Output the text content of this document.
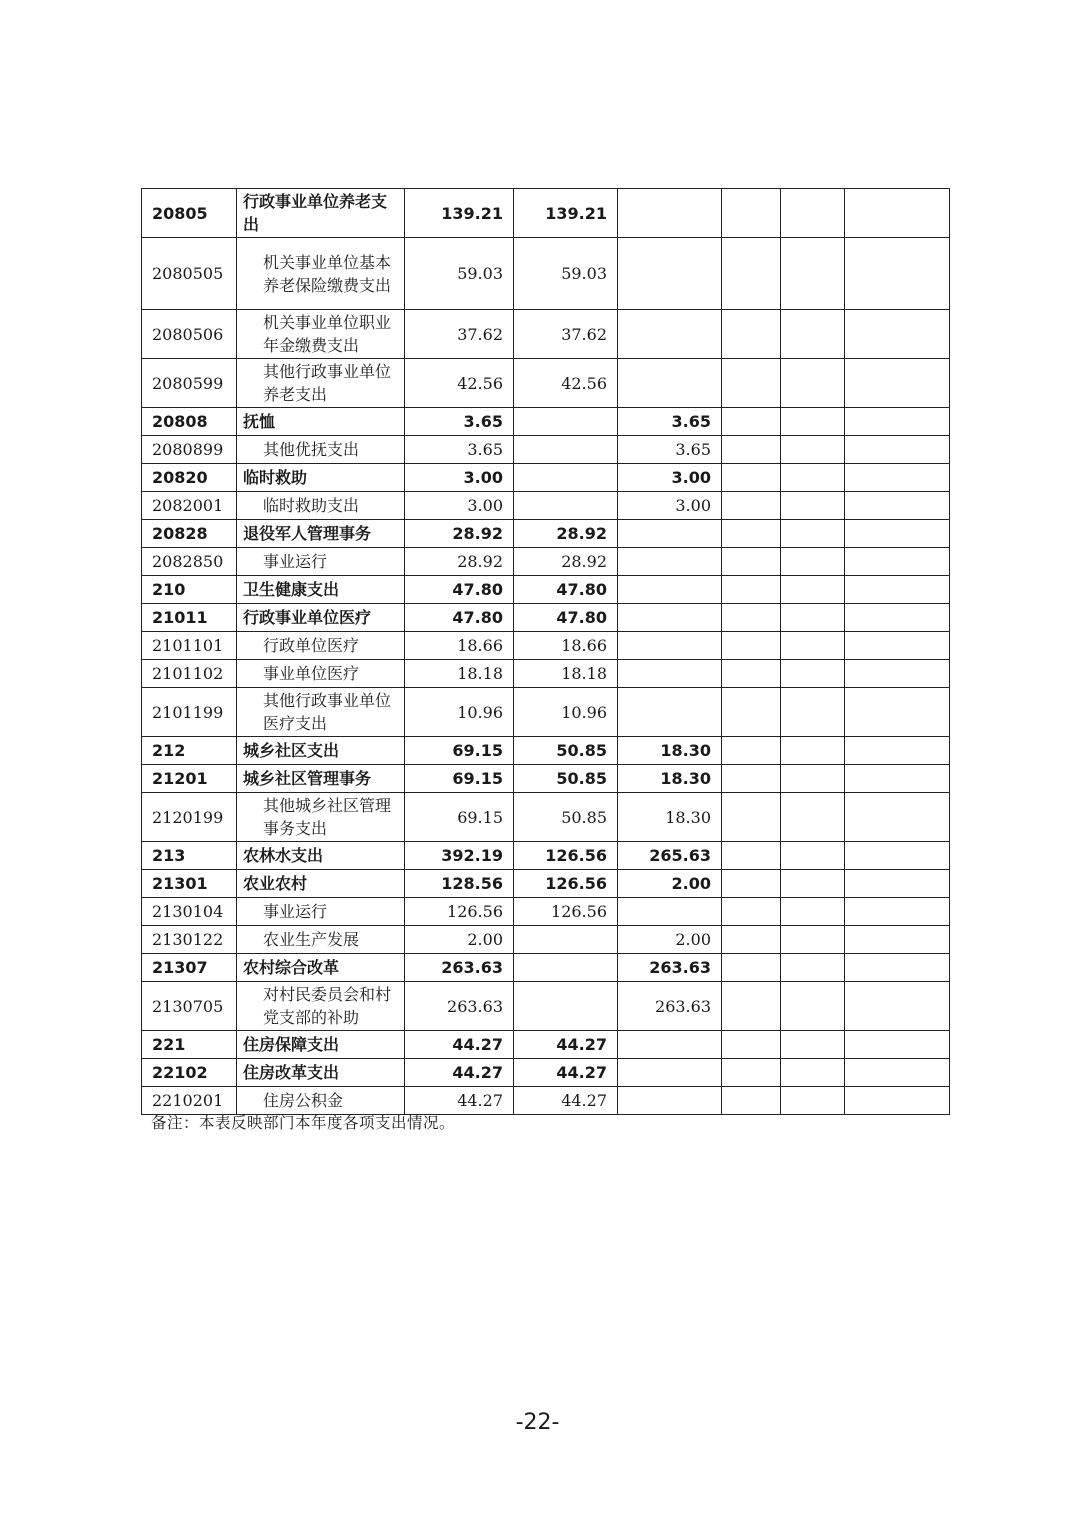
20805	行政事业单位养老支出	139.21	139.21				
2080505	机关事业单位基本养老保险缴费支出	59.03	59.03				
2080506	机关事业单位职业年金缴费支出	37.62	37.62				
2080599	其他行政事业单位养老支出	42.56	42.56				
20808	抚恤	3.65		3.65			
2080899	其他优抚支出	3.65		3.65			
20820	临时救助	3.00		3.00			
2082001	临时救助支出	3.00		3.00			
20828	退役军人管理事务	28.92	28.92				
2082850	事业运行	28.92	28.92				
210	卫生健康支出	47.80	47.80				
21011	行政事业单位医疗	47.80	47.80				
2101101	行政单位医疗	18.66	18.66				
2101102	事业单位医疗	18.18	18.18				
2101199	其他行政事业单位医疗支出	10.96	10.96				
212	城乡社区支出	69.15	50.85	18.30			
21201	城乡社区管理事务	69.15	50.85	18.30			
2120199	其他城乡社区管理事务支出	69.15	50.85	18.30			
213	农林水支出	392.19	126.56	265.63			
21301	农业农村	128.56	126.56	2.00			
2130104	事业运行	126.56	126.56				
2130122	农业生产发展	2.00		2.00			
21307	农村综合改革	263.63		263.63			
2130705	对村民委员会和村党支部的补助	263.63		263.63			
221	住房保障支出	44.27	44.27				
22102	住房改革支出	44.27	44.27				
2210201	住房公积金	44.27	44.27				
备注：本表反映部门本年度各项支出情况。
-22-
